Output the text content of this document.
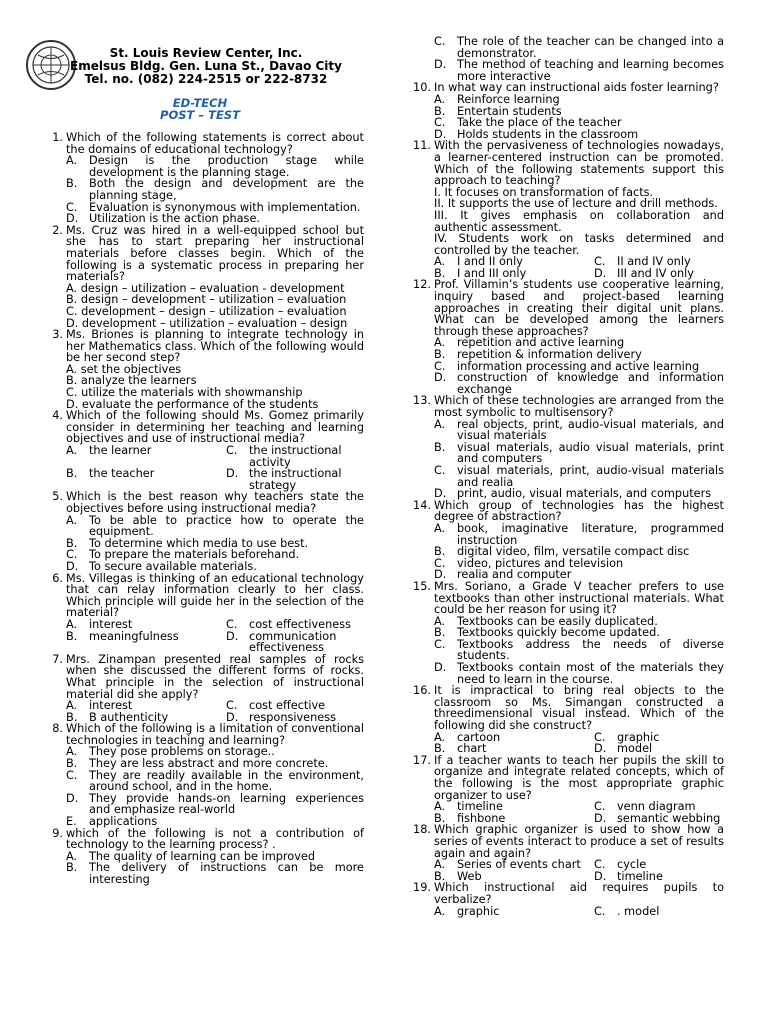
St. Louis Review Center, Inc.
Emelsus Bldg. Gen. Luna St., Davao City
Tel. no. (082) 224-2515 or 222-8732
ED-TECH
POST – TEST
1. Which of the following statements is correct about the domains of educational technology?
A.	Design is the production stage while development is the planning stage.
B.	Both the design and development are the planning stage,
C.	Evaluation is synonymous with implementation.
D. Utilization is the action phase.
2. Ms. Cruz was hired in a well-equipped school but she has to start preparing her instructional materials before classes begin. Which of the following is a systematic process in preparing her materials?
A. design – utilization – evaluation - development
B. design – development – utilization – evaluation
C. development – design – utilization – evaluation
D. development – utilization – evaluation – design
3. Ms. Briones is planning to integrate technology in her Mathematics class. Which of the following would be her second step?
A. set the objectives
B. analyze the learners
C. utilize the materials with showmanship
D. evaluate the performance of the students
4. Which of the following should Ms. Gomez primarily consider in determining her teaching and learning objectives and use of instructional media?
A.	the learner	C.	the instructional activity
B.	the teacher	D. the instructional strategy
5. Which is the best reason why teachers state the objectives before using instructional media?
A.	To be able to practice how to operate the equipment.
B.	To determine which media to use best.
C.	To prepare the materials beforehand.
D. To secure available materials.
6. Ms. Villegas is thinking of an educational technology that can relay information clearly to her class. Which principle will guide her in the selection of the material?
A.	interest	C.	cost effectiveness
B.	meaningfulness	D. communication effectiveness
7. Mrs. Zinampan presented real samples of rocks when she discussed the different forms of rocks. What principle in the selection of instructional material did she apply?
A.	interest	C.	cost effective
B.	B authenticity	D. responsiveness
8. Which of the following is a limitation of conventional technologies in teaching and learning?
A.	They pose problems on storage..
B.	They are less abstract and more concrete.
C.	They are readily available in the environment, around school, and in the home.
D. They provide hands-on learning experiences and emphasize real-world
E.	applications
9. which of the following is not a contribution of technology to the learning process? .
A.	The quality of learning can be improved
B.	The delivery of instructions can be more interesting
C.	The role of the teacher can be changed into a demonstrator.
D. The method of teaching and learning becomes more interactive
10. In what way can instructional aids foster learning?
A.	Reinforce learning
B.	Entertain students
C.	Take the place of the teacher
D. Holds students in the classroom
11. With the pervasiveness of technologies nowadays, a learner-centered instruction can be promoted. Which of the following statements support this approach to teaching?
I. It focuses on transformation of facts.
II. It supports the use of lecture and drill methods.
III. It gives emphasis on collaboration and authentic assessment.
IV. Students work on tasks determined and controlled by the teacher.
A.	I and II only	C.	II and IV only
B.	I and III only	D. III and IV only
12. Prof. Villamin’s students use cooperative learning, inquiry based and project-based learning approaches in creating their digital unit plans. What can be developed among the learners through these approaches?
A.	repetition and active learning
B.	repetition & information delivery
C.	information processing and active learning
D. construction of knowledge and information exchange
13. Which of these technologies are arranged from the most symbolic to multisensory?
A.	real objects, print, audio-visual materials, and visual materials
B.	visual materials, audio visual materials, print and computers
C.	visual materials, print, audio-visual materials and realia
D. print, audio, visual materials, and computers
14. Which group of technologies has the highest degree of abstraction?
A.	book, imaginative literature, programmed instruction
B.	digital video, film, versatile compact disc
C.	video, pictures and television
D. realia and computer
15. Mrs. Soriano, a Grade V teacher prefers to use textbooks than other instructional materials. What could be her reason for using it?
A.	Textbooks can be easily duplicated.
B.	Textbooks quickly become updated.
C.	Textbooks address the needs of diverse students.
D. Textbooks contain most of the materials they need to learn in the course.
16. It is impractical to bring real objects to the classroom so Ms. Simangan constructed a threedimensional visual instead. Which of the following did she construct?
A.	cartoon	C.	graphic
B.	chart	D. model
17. If a teacher wants to teach her pupils the skill to organize and integrate related concepts, which of the following is the most appropriate graphic organizer to use?
A.	timeline	C.	venn diagram
B.	fishbone	D. semantic webbing
18. Which graphic organizer is used to show how a series of events interact to produce a set of results again and again?
A.	Series of events chart C.	cycle
B.	Web	D. timeline
19. Which instructional aid requires pupils to verbalize?
A.	graphic	C.	. model
